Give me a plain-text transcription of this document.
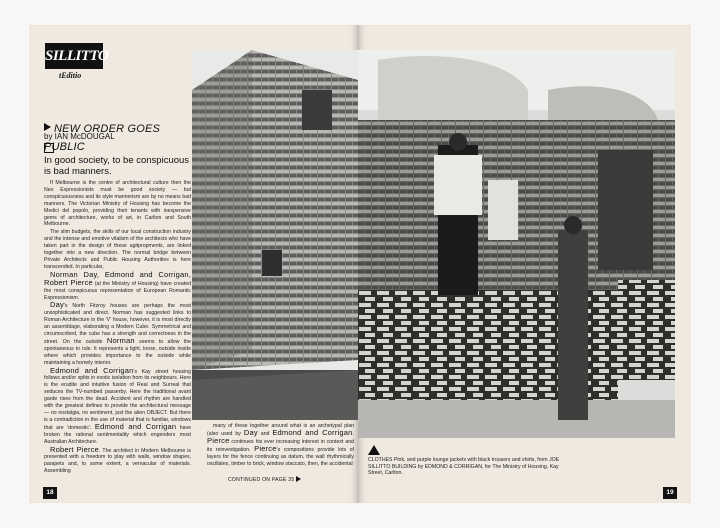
SILLITTO
tEditio
NEW ORDER GOES PUBLIC
by IAN McDOUGAL
In good society, to be conspicuous is bad manners.

If Melbourne is the centre of architectural culture then the Neo Expressionists must be good society — but conspicuousness and its style mannerism are by no means bad manners. The Victorian Ministry of Housing has become the Medici del popolo, providing their tenants with inexpensive gems of architecture, works of art, in Carlton and South Melbourne.

The slim budgets, the skills of our local construction industry and the intense and emotive vitalism of the architects who have taken part in the design of these agitpropments, are linked together into a new direction. The normal bridge between Private Architects and Public Housing Authorities is here transcended. In particular,

Norman Day, Edmond and Corrigan, Robert Pierce (at the Ministry of Housing) have created the most conspicuous representation of European Romantic Expressionism.

Day's North Fitzroy houses are perhaps the most unsophisticated and direct. Norman has suggested links to Roman Architecture in the 'V' house, however, it is most directly an assemblage, elaborating a Modern Cube. Symmetrical and circumscribed, the cube has a strength and correctness in the street. On the outside Norman seems to allow the spontaneous to rule. It represents a tight, loose, outside inside where which provides importance to the outside while maintaining a homely interior.

Edmond and Corrigan's Kay street housing follows and/or splits in exotic isolation from its neighbours. Here is the erudite and intuitive fusion of Real and Surreal that seduces the TV-numbed passerby. Here the traditional avant garde rises from the dead. Accident and rhythm are handled with the greatest defines to provide the architectural message — no nostalgia, no sentiment, just the alien OBJECT. But there is a contradiction in the use of material that is familiar, windows that are 'domestic'. Edmond and Corrigan have broken the rational sentimentality which engenders most Australian Architecture.

Robert Pierce. The architect in Modern Melbourne is presented with a freedom to play with walls, window shapes, parapets and, to some extent, a vernacular of materials. Assembling

many of these together around what is an archetypal plan (also used by Day and Edmond and Corrigan. Pierce continues his ever increasing interest in context and its reinvestigation. Pierce's compositions provide lots of layers for the fence continuing as datum, the wall rhythmically oscillates, timber to brick, window staccato, then, the accidental

18
CLOTHES Pink, and purple lounge jackets with black trousers and shirts, from JOE SILLITTO BUILDING by EDMOND & CORRIGAN, for The Ministry of Housing, Kay Street, Carlton.
CONTINUED ON PAGE 35
19
